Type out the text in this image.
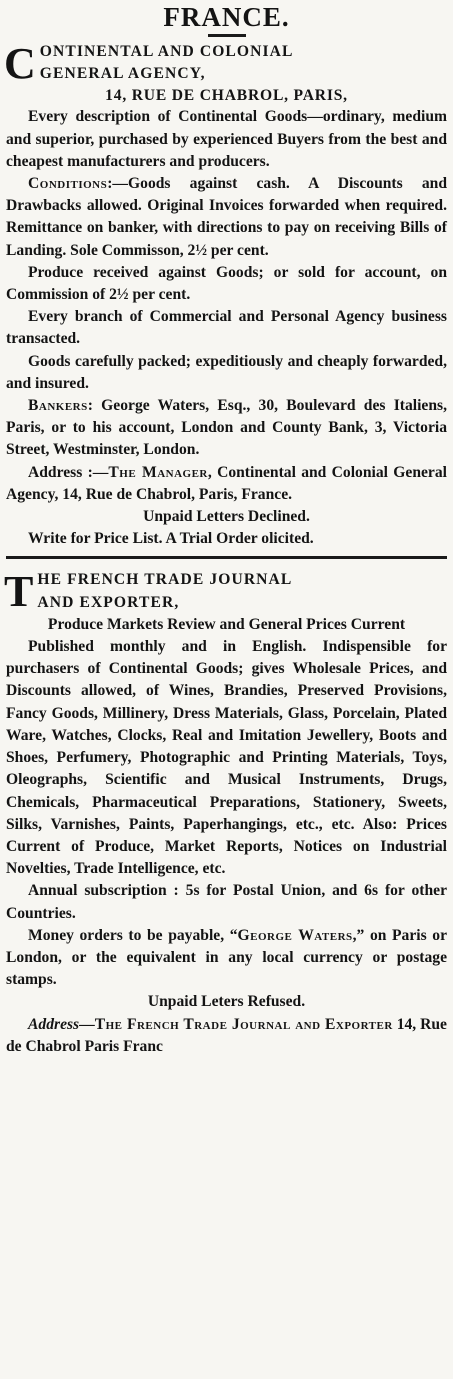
FRANCE.
C ONTINENTAL AND COLONIAL

GENERAL AGENCY,

14, RUE DE CHABROL, PARIS,

Every description of Continental Goods—ordinary, medium and superior, purchased by experienced Buyers from the best and cheapest manufacturers and producers.

Conditions:—Goods against cash. A Discounts and Drawbacks allowed. Original Invoices forwarded when required. Remittance on banker, with directions to pay on receiving Bills of Landing. Sole Commisson, 2½ per cent.

Produce received against Goods; or sold for account, on Commission of 2½ per cent.

Every branch of Commercial and Personal Agency business transacted.

Goods carefully packed; expeditiously and cheaply forwarded, and insured.

Bankers: George Waters, Esq., 30, Boulevard des Italiens, Paris, or to his account, London and County Bank, 3, Victoria Street, Westminster, London.

Address :—The Manager, Continental and Colonial General Agency, 14, Rue de Chabrol, Paris, France.

Unpaid Letters Declined.

Write for Price List. A Trial Order olicited.

T HE FRENCH TRADE JOURNAL

AND EXPORTER,

Produce Markets Review and General Prices Current

Published monthly and in English. Indispensible for purchasers of Continental Goods; gives Wholesale Prices, and Discounts allowed, of Wines, Brandies, Preserved Provisions, Fancy Goods, Millinery, Dress Materials, Glass, Porcelain, Plated Ware, Watches, Clocks, Real and Imitation Jewellery, Boots and Shoes, Perfumery, Photographic and Printing Materials, Toys, Oleographs, Scientific and Musical Instruments, Drugs, Chemicals, Pharmaceutical Preparations, Stationery, Sweets, Silks, Varnishes, Paints, Paperhangings, etc., etc. Also: Prices Current of Produce, Market Reports, Notices on Industrial Novelties, Trade Intelligence, etc.

Annual subscription : 5s for Postal Union, and 6s for other Countries.

Money orders to be payable, “George Waters,” on Paris or London, or the equivalent in any local currency or postage stamps.

Unpaid Leters Refused.

Address—The French Trade Journal and Exporter 14, Rue de Chabrol Paris Franc
